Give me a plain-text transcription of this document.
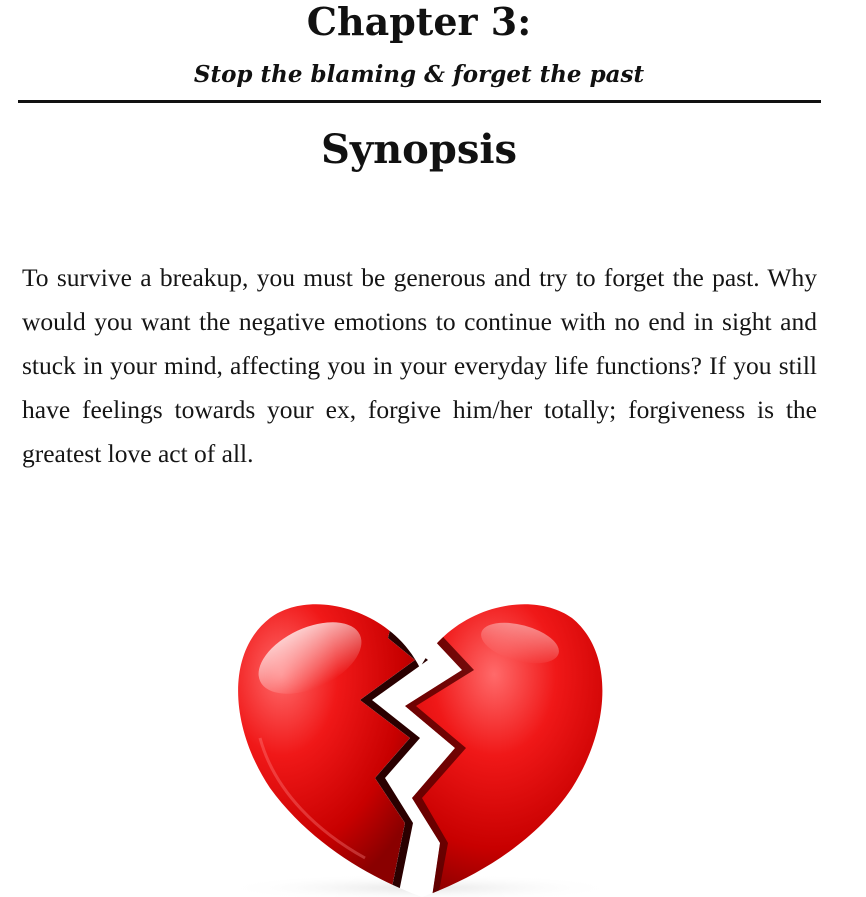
Chapter 3:
Stop the blaming & forget the past
Synopsis

To survive a breakup, you must be generous and try to forget the past. Why would you want the negative emotions to continue with no end in sight and stuck in your mind, affecting you in your everyday life functions? If you still have feelings towards your ex, forgive him/her totally; forgiveness is the greatest love act of all.
